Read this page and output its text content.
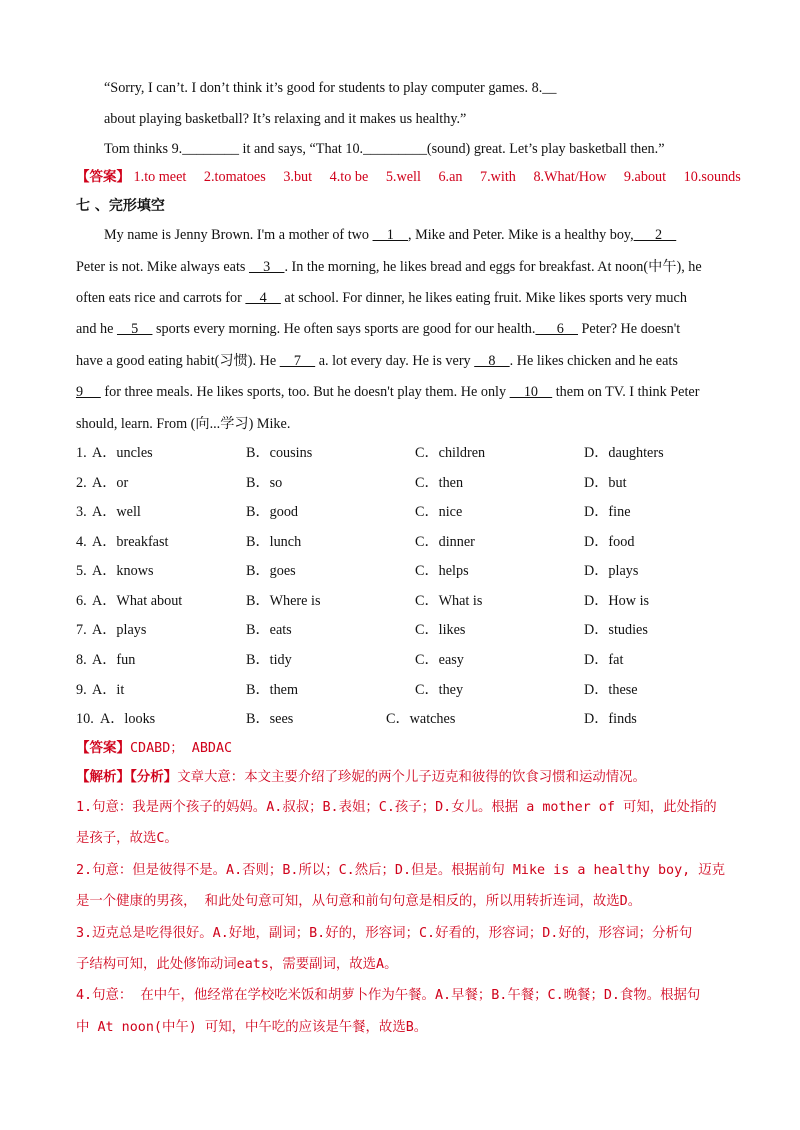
“Sorry, I can’t. I don’t think it’s good for students to play computer games. 8.__
about playing basketball? It’s relaxing and it makes us healthy.”
Tom thinks 9.________ it and says, “That 10._________(sound) great. Let’s play basketball then.”
【答案】 1.to meet 2.tomatoes 3.but 4.to be 5.well 6.an 7.with 8.What/How 9.about 10.sounds
七 、完形填空
My name is Jenny Brown. I'm a mother of two     1    , Mike and Peter. Mike is a healthy boy,      2
Peter is not. Mike always eats     3    . In the morning, he likes bread and eggs for breakfast. At noon(中午), he
often eats rice and carrots for     4     at school. For dinner, he likes eating fruit. Mike likes sports very much
and he     5     sports every morning. He often says sports are good for our health.      6     Peter? He doesn't
have a good eating habit(习惯). He     7     a. lot every day. He is very     8    . He likes chicken and he eats
9      for three meals. He likes sports, too. But he doesn't play them. He only     10     them on TV. I think Peter
should, learn. From (向...学习) Mike.
1. A．uncles	B．cousins	C．children	D．daughters
2. A．or	B．so	C．then	D．but
3. A．well	B．good	C．nice	D．fine
4. A．breakfast	B．lunch	C．dinner	D．food
5. A．knows	B．goes	C．helps	D．plays
6. A．What about	B．Where is	C．What is	D．How is
7. A．plays	B．eats	C．likes	D．studies
8. A．fun	B．tidy	C．easy	D．fat
9. A．it	B．them	C．they	D．these
10. A．looks	B．sees	C．watches	D．finds
【答案】CDABD； ABDAC
【解析】【分析】文章大意：本文主要介绍了珍妮的两个儿子迈克和彼得的饮食习惯和运动情况。
1.句意：我是两个孩子的妈妈。A.叔叔；B.表姐；C.孩子；D.女儿。根据 a mother of 可知，此处指的
是孩子，故选C。
2.句意：但是彼得不是。A.否则；B.所以；C.然后；D.但是。根据前句 Mike is a healthy boy, 迈克
是一个健康的男孩， 和此处句意可知，从句意和前句句意是相反的，所以用转折连词，故选D。
3.迈克总是吃得很好。A.好地，副词；B.好的，形容词；C.好看的，形容词；D.好的，形容词；分析句
子结构可知，此处修饰动词eats，需要副词，故选A。
4.句意： 在中午，他经常在学校吃米饭和胡萝卜作为午餐。A.早餐；B.午餐；C.晚餐；D.食物。根据句
中 At noon(中午) 可知，中午吃的应该是午餐，故选B。
